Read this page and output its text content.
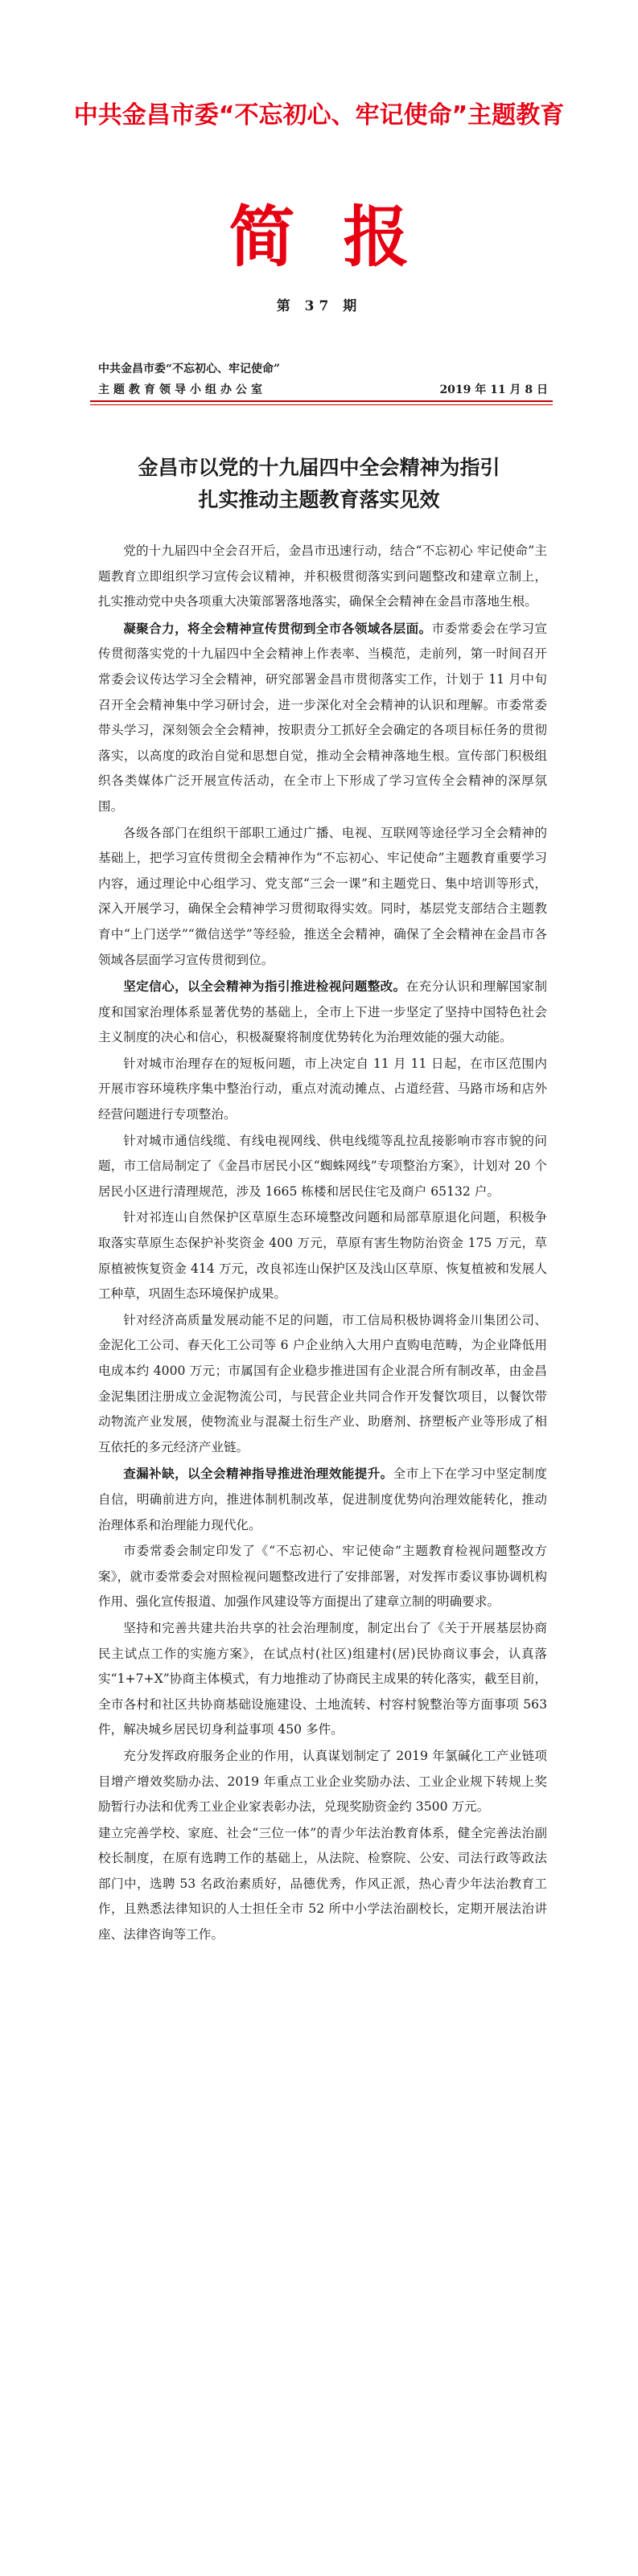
中共金昌市委“不忘初心、牢记使命”主题教育
简报
第 37 期
中共金昌市委“不忘初心、牢记使命”
主题教育领导小组办公室	2019 年 11 月 8 日
金昌市以党的十九届四中全会精神为指引
扎实推动主题教育落实见效

党的十九届四中全会召开后，金昌市迅速行动，结合“不忘初心 牢记使命”主题教育立即组织学习宣传会议精神，并积极贯彻落实到问题整改和建章立制上，扎实推动党中央各项重大决策部署落地落实，确保全会精神在金昌市落地生根。

凝聚合力，将全会精神宣传贯彻到全市各领域各层面。市委常委会在学习宣传贯彻落实党的十九届四中全会精神上作表率、当模范，走前列，第一时间召开常委会议传达学习全会精神，研究部署金昌市贯彻落实工作，计划于 11 月中旬召开全会精神集中学习研讨会，进一步深化对全会精神的认识和理解。市委常委带头学习，深刻领会全会精神，按职责分工抓好全会确定的各项目标任务的贯彻落实，以高度的政治自觉和思想自觉，推动全会精神落地生根。宣传部门积极组织各类媒体广泛开展宣传活动，在全市上下形成了学习宣传全会精神的深厚氛围。

各级各部门在组织干部职工通过广播、电视、互联网等途径学习全会精神的基础上，把学习宣传贯彻全会精神作为“不忘初心、牢记使命”主题教育重要学习内容，通过理论中心组学习、党支部“三会一课”和主题党日、集中培训等形式，深入开展学习，确保全会精神学习贯彻取得实效。同时，基层党支部结合主题教育中“上门送学”“微信送学”等经验，推送全会精神，确保了全会精神在金昌市各领域各层面学习宣传贯彻到位。

坚定信心，以全会精神为指引推进检视问题整改。在充分认识和理解国家制度和国家治理体系显著优势的基础上，全市上下进一步坚定了坚持中国特色社会主义制度的决心和信心，积极凝聚将制度优势转化为治理效能的强大动能。

针对城市治理存在的短板问题，市上决定自 11 月 11 日起，在市区范围内开展市容环境秩序集中整治行动，重点对流动摊点、占道经营、马路市场和店外经营问题进行专项整治。

针对城市通信线缆、有线电视网线、供电线缆等乱拉乱接影响市容市貌的问题，市工信局制定了《金昌市居民小区“蜘蛛网线”专项整治方案》，计划对 20 个居民小区进行清理规范，涉及 1665 栋楼和居民住宅及商户 65132 户。

针对祁连山自然保护区草原生态环境整改问题和局部草原退化问题，积极争取落实草原生态保护补奖资金 400 万元，草原有害生物防治资金 175 万元，草原植被恢复资金 414 万元，改良祁连山保护区及浅山区草原、恢复植被和发展人工种草，巩固生态环境保护成果。

针对经济高质量发展动能不足的问题，市工信局积极协调将金川集团公司、金泥化工公司、春天化工公司等 6 户企业纳入大用户直购电范畴，为企业降低用电成本约 4000 万元；市属国有企业稳步推进国有企业混合所有制改革，由金昌金泥集团注册成立金泥物流公司，与民营企业共同合作开发餐饮项目，以餐饮带动物流产业发展，使物流业与混凝土衍生产业、助磨剂、挤塑板产业等形成了相互依托的多元经济产业链。

查漏补缺，以全会精神指导推进治理效能提升。全市上下在学习中坚定制度自信，明确前进方向，推进体制机制改革，促进制度优势向治理效能转化，推动治理体系和治理能力现代化。

市委常委会制定印发了《“不忘初心、牢记使命”主题教育检视问题整改方案》，就市委常委会对照检视问题整改进行了安排部署，对发挥市委议事协调机构作用、强化宣传报道、加强作风建设等方面提出了建章立制的明确要求。

坚持和完善共建共治共享的社会治理制度，制定出台了《关于开展基层协商民主试点工作的实施方案》，在试点村(社区)组建村(居)民协商议事会，认真落实“1+7+X”协商主体模式，有力地推动了协商民主成果的转化落实，截至目前，全市各村和社区共协商基础设施建设、土地流转、村容村貌整治等方面事项 563 件，解决城乡居民切身利益事项 450 多件。

充分发挥政府服务企业的作用，认真谋划制定了 2019 年氯碱化工产业链项目增产增效奖励办法、2019 年重点工业企业奖励办法、工业企业规下转规上奖励暂行办法和优秀工业企业家表彰办法，兑现奖励资金约 3500 万元。

建立完善学校、家庭、社会“三位一体”的青少年法治教育体系，健全完善法治副校长制度，在原有选聘工作的基础上，从法院、检察院、公安、司法行政等政法部门中，选聘 53 名政治素质好，品德优秀，作风正派，热心青少年法治教育工作，且熟悉法律知识的人士担任全市 52 所中小学法治副校长，定期开展法治讲座、法律咨询等工作。
